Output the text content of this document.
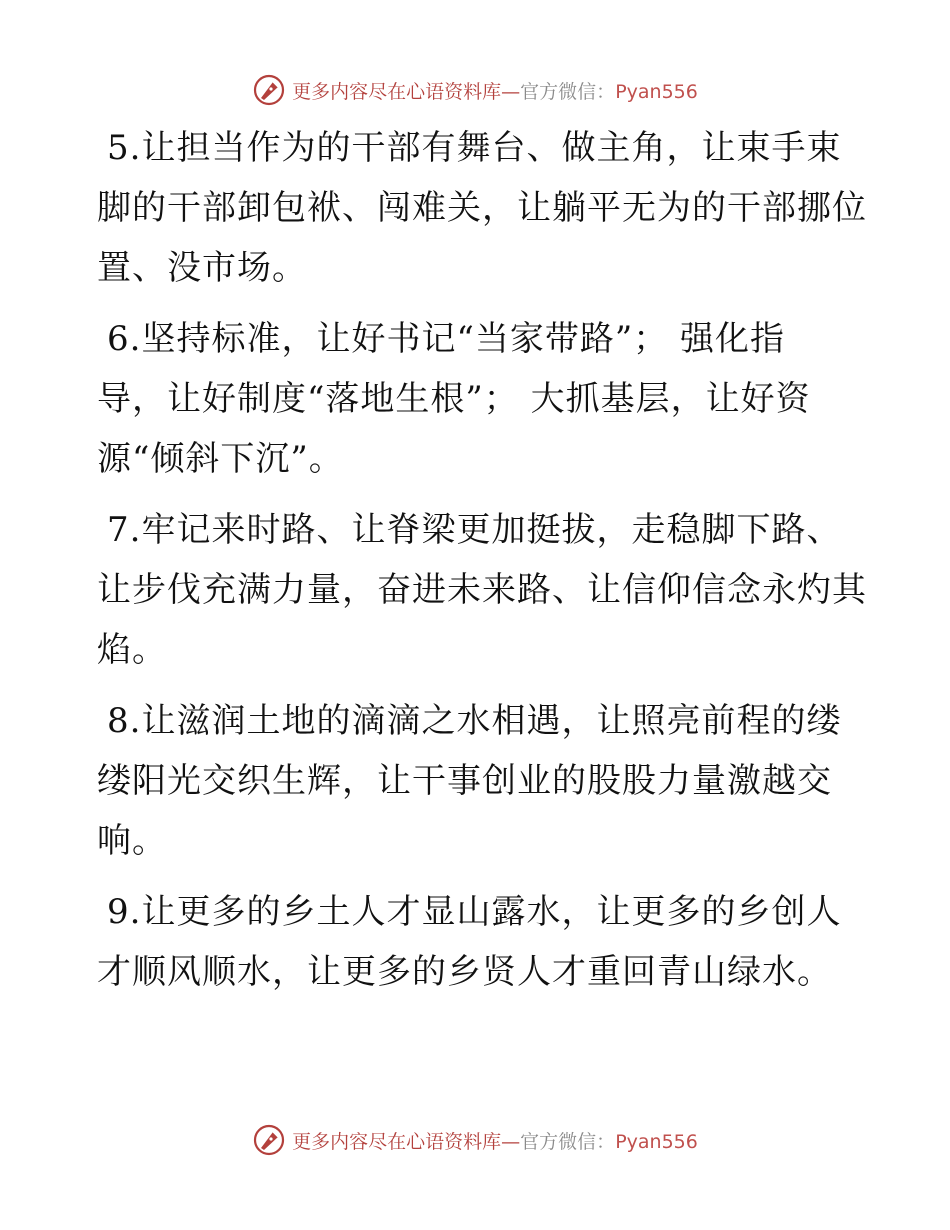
更多内容尽在心语资料库—官方微信：Pyan556
5.让担当作为的干部有舞台、做主角，让束手束
脚的干部卸包袱、闯难关，让躺平无为的干部挪位
置、没市场。
6.坚持标准，让好书记“当家带路”； 强化指
导，让好制度“落地生根”； 大抓基层，让好资
源“倾斜下沉”。
7.牢记来时路、让脊梁更加挺拔，走稳脚下路、
让步伐充满力量，奋进未来路、让信仰信念永灼其
焰。
8.让滋润土地的滴滴之水相遇，让照亮前程的缕
缕阳光交织生辉，让干事创业的股股力量激越交
响。
9.让更多的乡土人才显山露水，让更多的乡创人
才顺风顺水，让更多的乡贤人才重回青山绿水。
更多内容尽在心语资料库—官方微信：Pyan556
